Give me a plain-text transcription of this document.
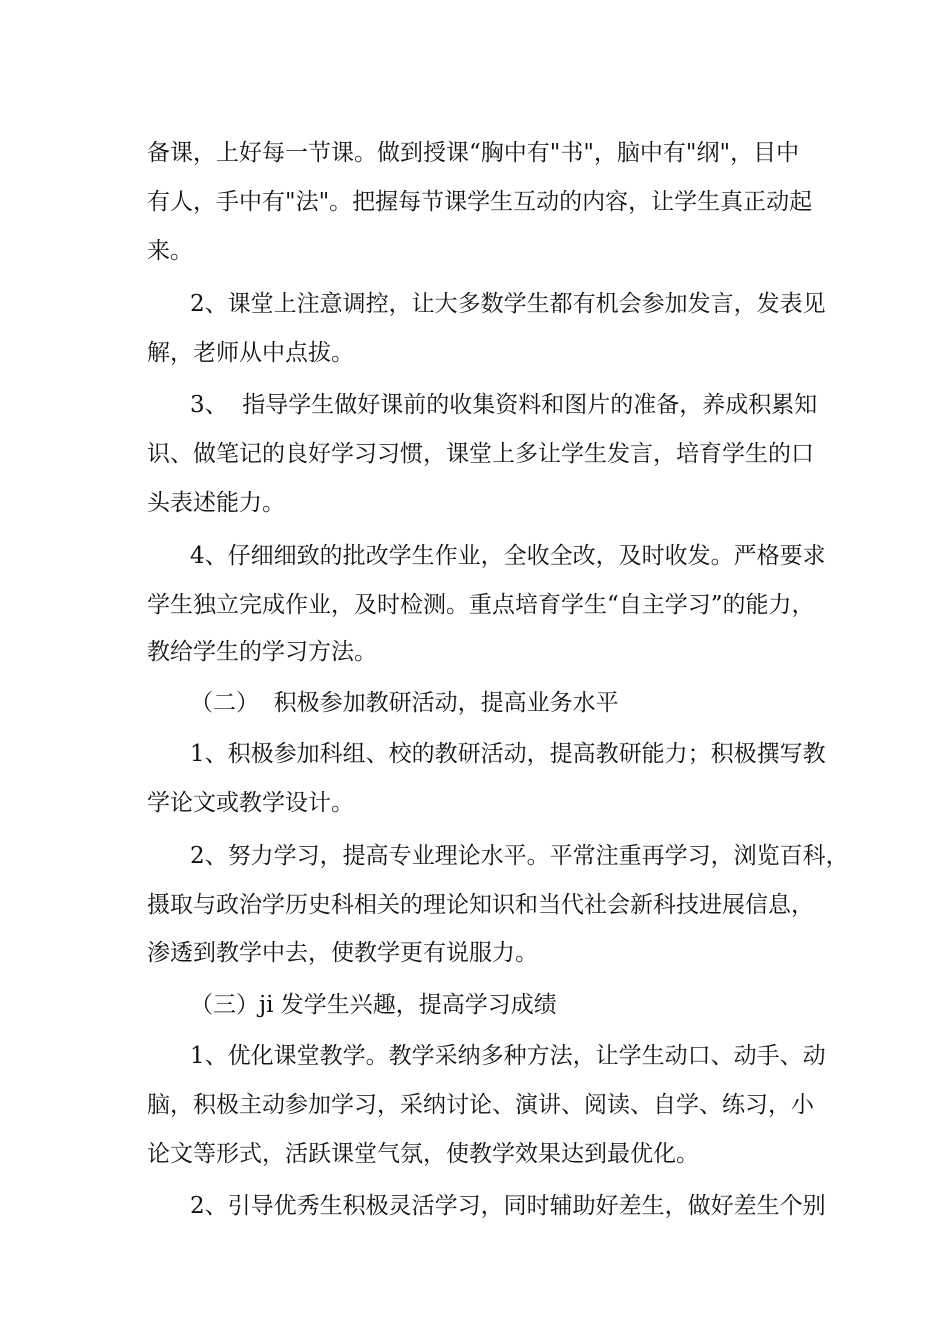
备课，上好每一节课。做到授课“胸中有"书"，脑中有"纲"，目中
有人，手中有"法"。把握每节课学生互动的内容，让学生真正动起
来。
2、课堂上注意调控，让大多数学生都有机会参加发言，发表见
解，老师从中点拔。
3、  指导学生做好课前的收集资料和图片的准备，养成积累知
识、做笔记的良好学习习惯，课堂上多让学生发言，培育学生的口
头表述能力。
4、仔细细致的批改学生作业，全收全改，及时收发。严格要求
学生独立完成作业，及时检测。重点培育学生“自主学习”的能力，
教给学生的学习方法。
（二）  积极参加教研活动，提高业务水平
1、积极参加科组、校的教研活动，提高教研能力；积极撰写教
学论文或教学设计。
2、努力学习，提高专业理论水平。平常注重再学习，浏览百科，
摄取与政治学历史科相关的理论知识和当代社会新科技进展信息，
渗透到教学中去，使教学更有说服力。
（三）ji 发学生兴趣，提高学习成绩
1、优化课堂教学。教学采纳多种方法，让学生动口、动手、动
脑，积极主动参加学习，采纳讨论、演讲、阅读、自学、练习，小
论文等形式，活跃课堂气氛，使教学效果达到最优化。
2、引导优秀生积极灵活学习，同时辅助好差生，做好差生个别
